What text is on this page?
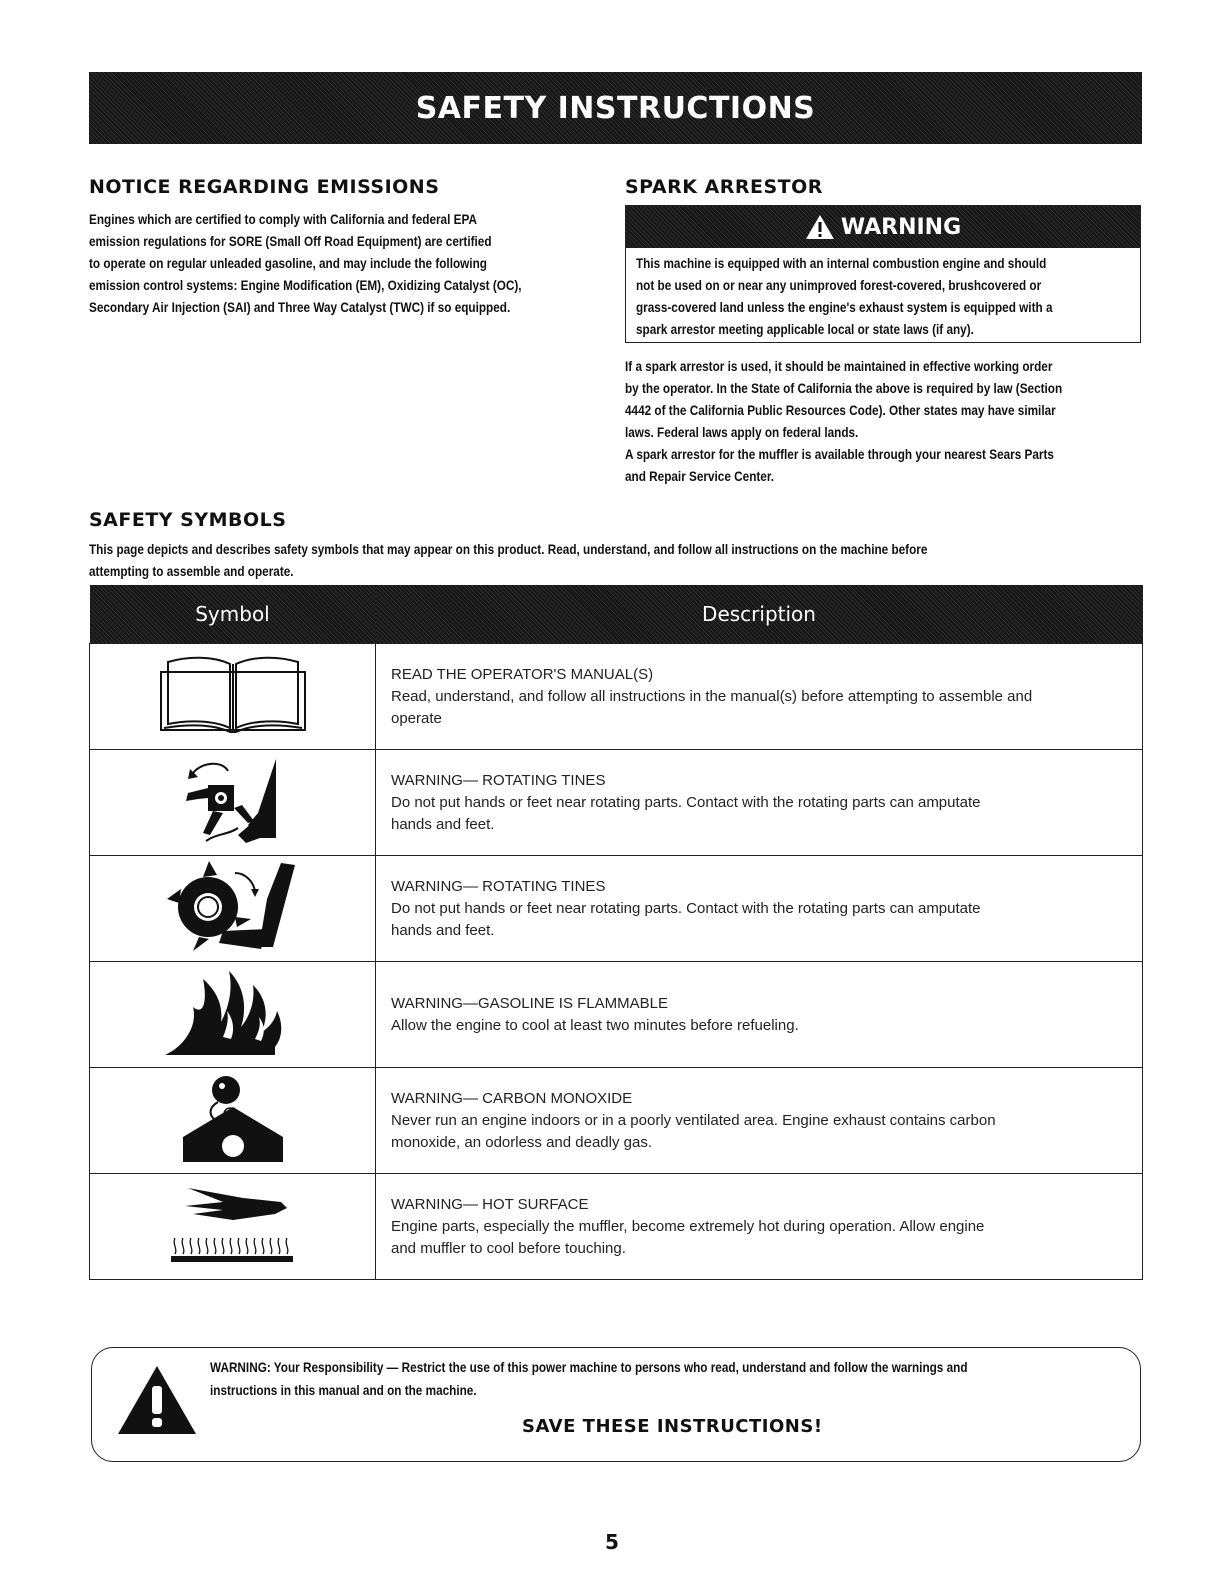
SAFETY INSTRUCTIONS
NOTICE REGARDING EMISSIONS
Engines which are certified to comply with California and federal EPA
emission regulations for SORE (Small Off Road Equipment) are certified
to operate on regular unleaded gasoline, and may include the following
emission control systems: Engine Modification (EM), Oxidizing Catalyst (OC),
Secondary Air Injection (SAI) and Three Way Catalyst (TWC) if so equipped.
SPARK ARRESTOR
WARNING
This machine is equipped with an internal combustion engine and should
not be used on or near any unimproved forest-covered, brushcovered or
grass-covered land unless the engine's exhaust system is equipped with a
spark arrestor meeting applicable local or state laws (if any).
If a spark arrestor is used, it should be maintained in effective working order
by the operator. In the State of California the above is required by law (Section
4442 of the California Public Resources Code). Other states may have similar
laws. Federal laws apply on federal lands.
A spark arrestor for the muffler is available through your nearest Sears Parts
and Repair Service Center.
SAFETY SYMBOLS
This page depicts and describes safety symbols that may appear on this product. Read, understand, and follow all instructions on the machine before
attempting to assemble and operate.
Symbol	Description

READ THE OPERATOR'S MANUAL(S)
Read, understand, and follow all instructions in the manual(s) before attempting to assemble and
operate

WARNING— ROTATING TINES
Do not put hands or feet near rotating parts. Contact with the rotating parts can amputate
hands and feet.

WARNING— ROTATING TINES
Do not put hands or feet near rotating parts. Contact with the rotating parts can amputate
hands and feet.

WARNING—GASOLINE IS FLAMMABLE
Allow the engine to cool at least two minutes before refueling.

WARNING— CARBON MONOXIDE
Never run an engine indoors or in a poorly ventilated area. Engine exhaust contains carbon
monoxide, an odorless and deadly gas.

WARNING— HOT SURFACE
Engine parts, especially the muffler, become extremely hot during operation. Allow engine
and muffler to cool before touching.
WARNING: Your Responsibility — Restrict the use of this power machine to persons who read, understand and follow the warnings and
instructions in this manual and on the machine.
SAVE THESE INSTRUCTIONS!
5
